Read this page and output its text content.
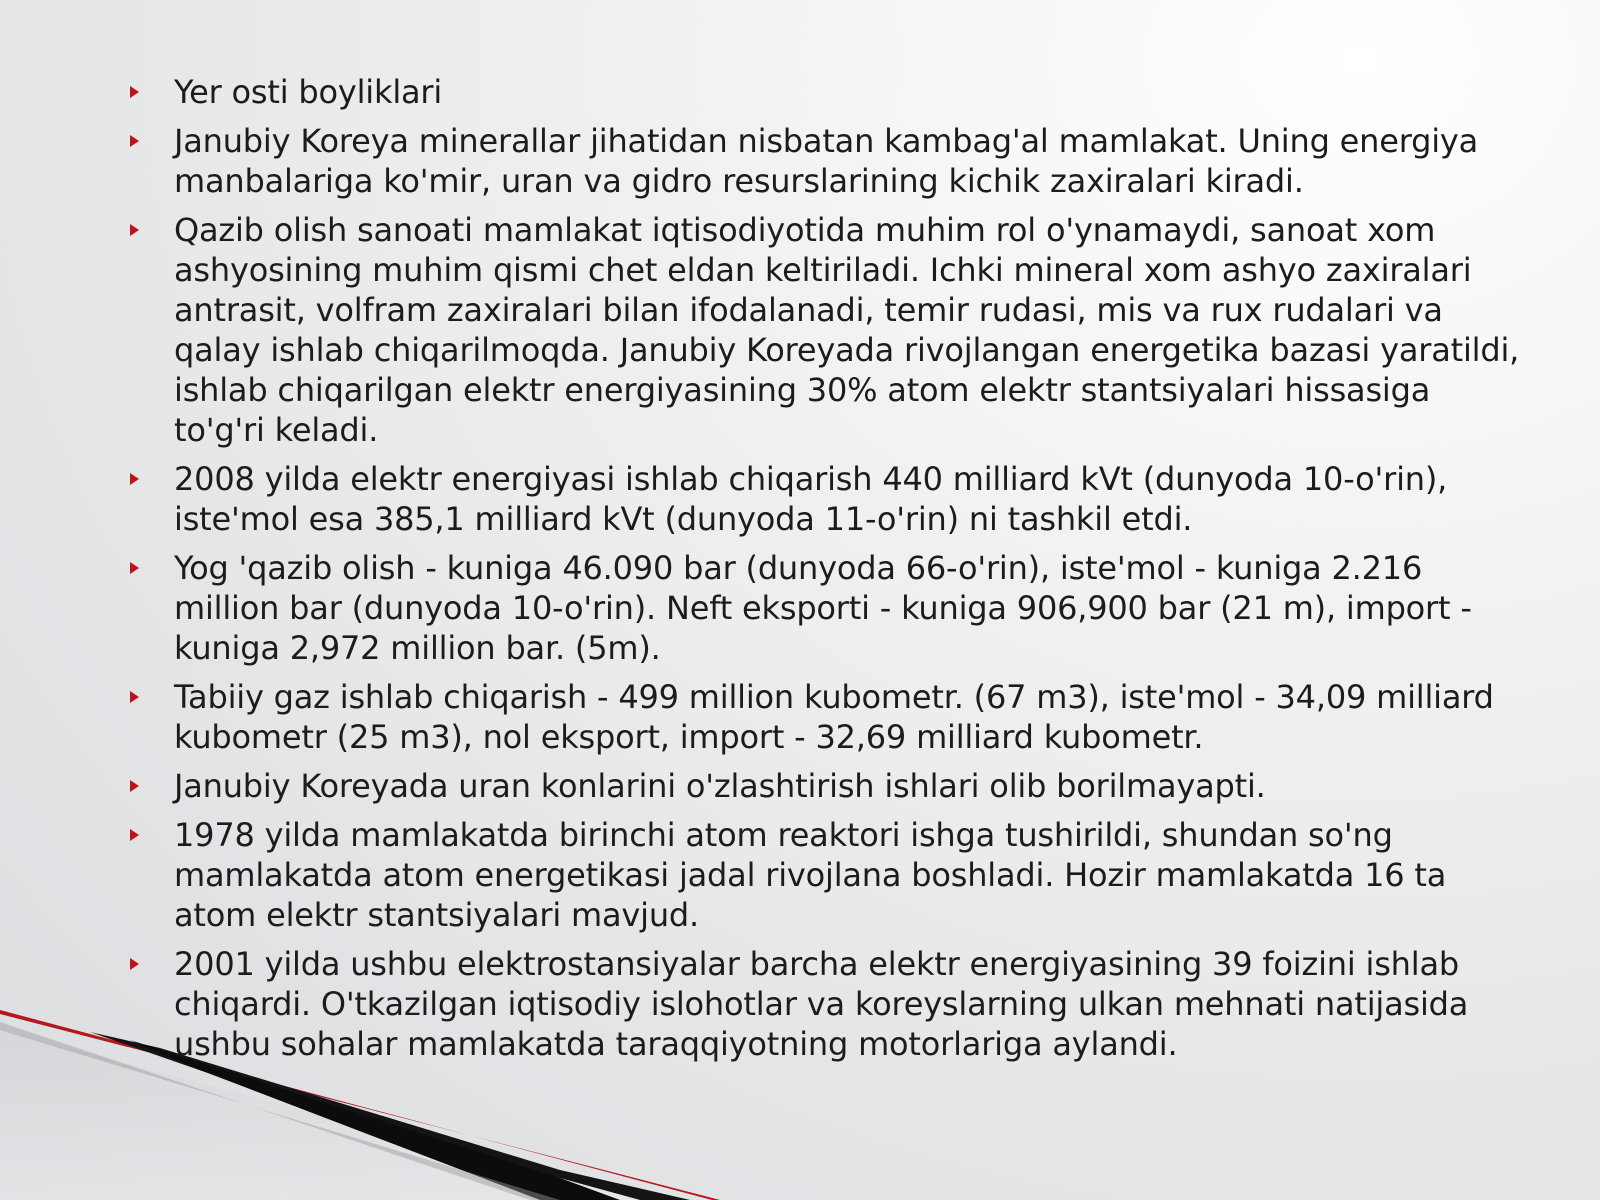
Yer osti boyliklari
Janubiy Koreya minerallar jihatidan nisbatan kambag'al mamlakat. Uning energiya manbalariga ko'mir, uran va gidro resurslarining kichik zaxiralari kiradi.
Qazib olish sanoati mamlakat iqtisodiyotida muhim rol o'ynamaydi, sanoat xom ashyosining muhim qismi chet eldan keltiriladi. Ichki mineral xom ashyo zaxiralari antrasit, volfram zaxiralari bilan ifodalanadi, temir rudasi, mis va rux rudalari va qalay ishlab chiqarilmoqda. Janubiy Koreyada rivojlangan energetika bazasi yaratildi, ishlab chiqarilgan elektr energiyasining 30% atom elektr stantsiyalari hissasiga to'g'ri keladi.
2008 yilda elektr energiyasi ishlab chiqarish 440 milliard kVt (dunyoda 10-o'rin), iste'mol esa 385,1 milliard kVt (dunyoda 11-o'rin) ni tashkil etdi.
Yog 'qazib olish - kuniga 46.090 bar (dunyoda 66-o'rin), iste'mol - kuniga 2.216 million bar (dunyoda 10-o'rin). Neft eksporti - kuniga 906,900 bar (21 m), import - kuniga 2,972 million bar. (5m).
Tabiiy gaz ishlab chiqarish - 499 million kubometr. (67 m3), iste'mol - 34,09 milliard kubometr (25 m3), nol eksport, import - 32,69 milliard kubometr.
Janubiy Koreyada uran konlarini o'zlashtirish ishlari olib borilmayapti.
1978 yilda mamlakatda birinchi atom reaktori ishga tushirildi, shundan so'ng mamlakatda atom energetikasi jadal rivojlana boshladi. Hozir mamlakatda 16 ta atom elektr stantsiyalari mavjud.
2001 yilda ushbu elektrostansiyalar barcha elektr energiyasining 39 foizini ishlab chiqardi. O'tkazilgan iqtisodiy islohotlar va koreyslarning ulkan mehnati natijasida ushbu sohalar mamlakatda taraqqiyotning motorlariga aylandi.
